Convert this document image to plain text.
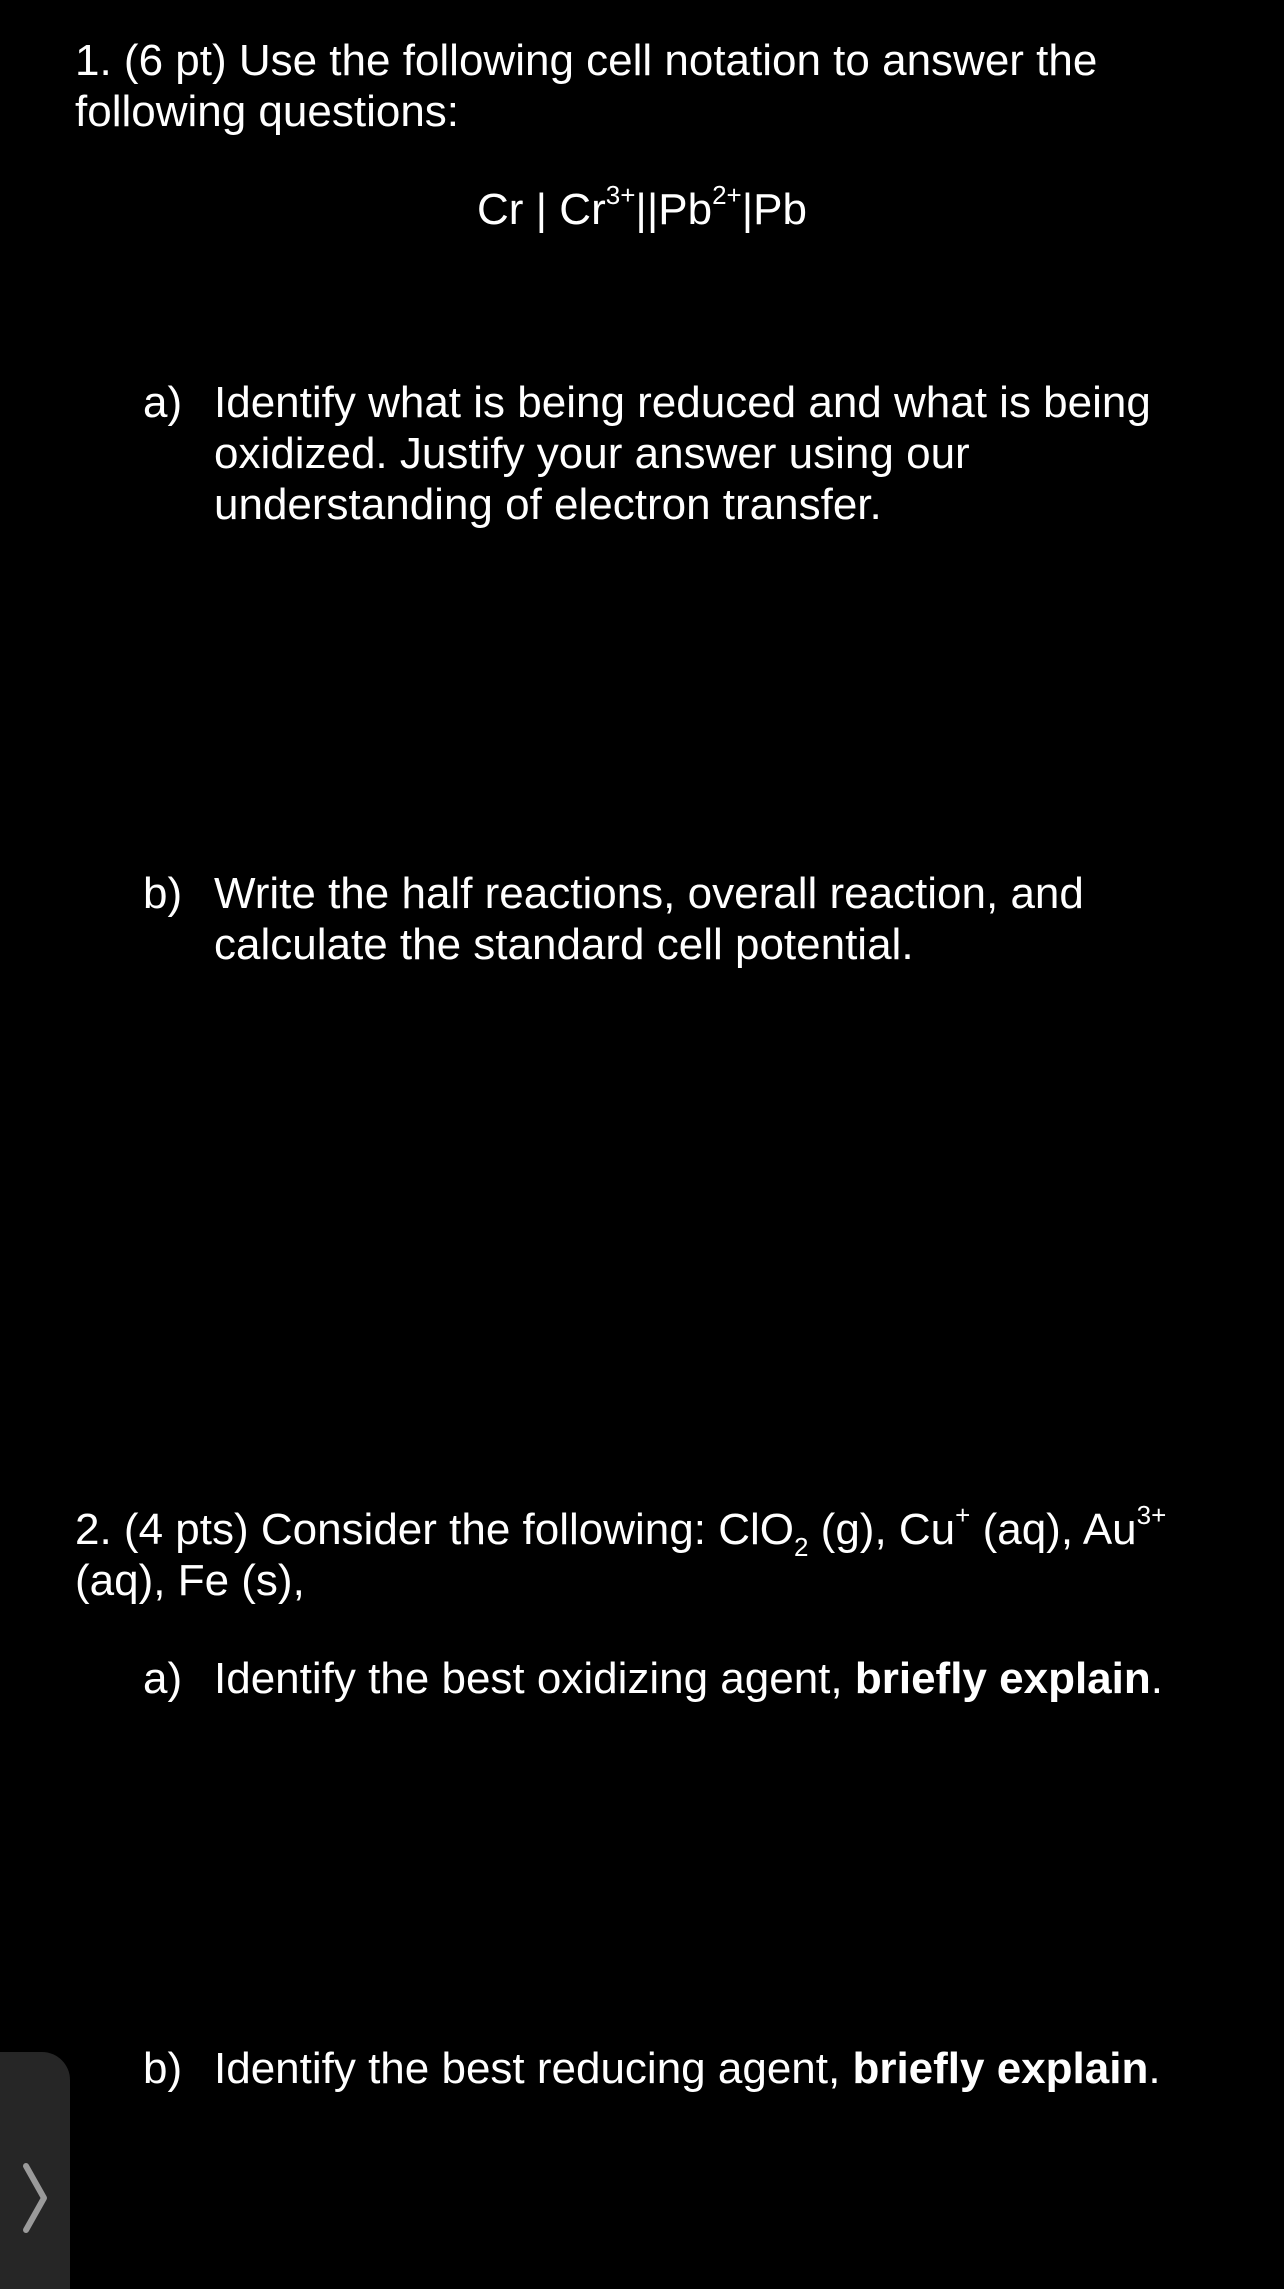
1. (6 pt) Use the following cell notation to answer the following questions:
Cr | $Cr^{3+}||Pb^{2+}|Pb$
a) Identify what is being reduced and what is being oxidized. Justify your answer using our understanding of electron transfer.
b) Write the half reactions, overall reaction, and calculate the standard cell potential.
2. (4 pts) Consider the following: ClO$_2$ (g), Cu+ (aq), $Au^{3+}$ (aq), Fe (s),
a) Identify the best oxidizing agent, briefly explain.
b) Identify the best reducing agent, briefly explain.
